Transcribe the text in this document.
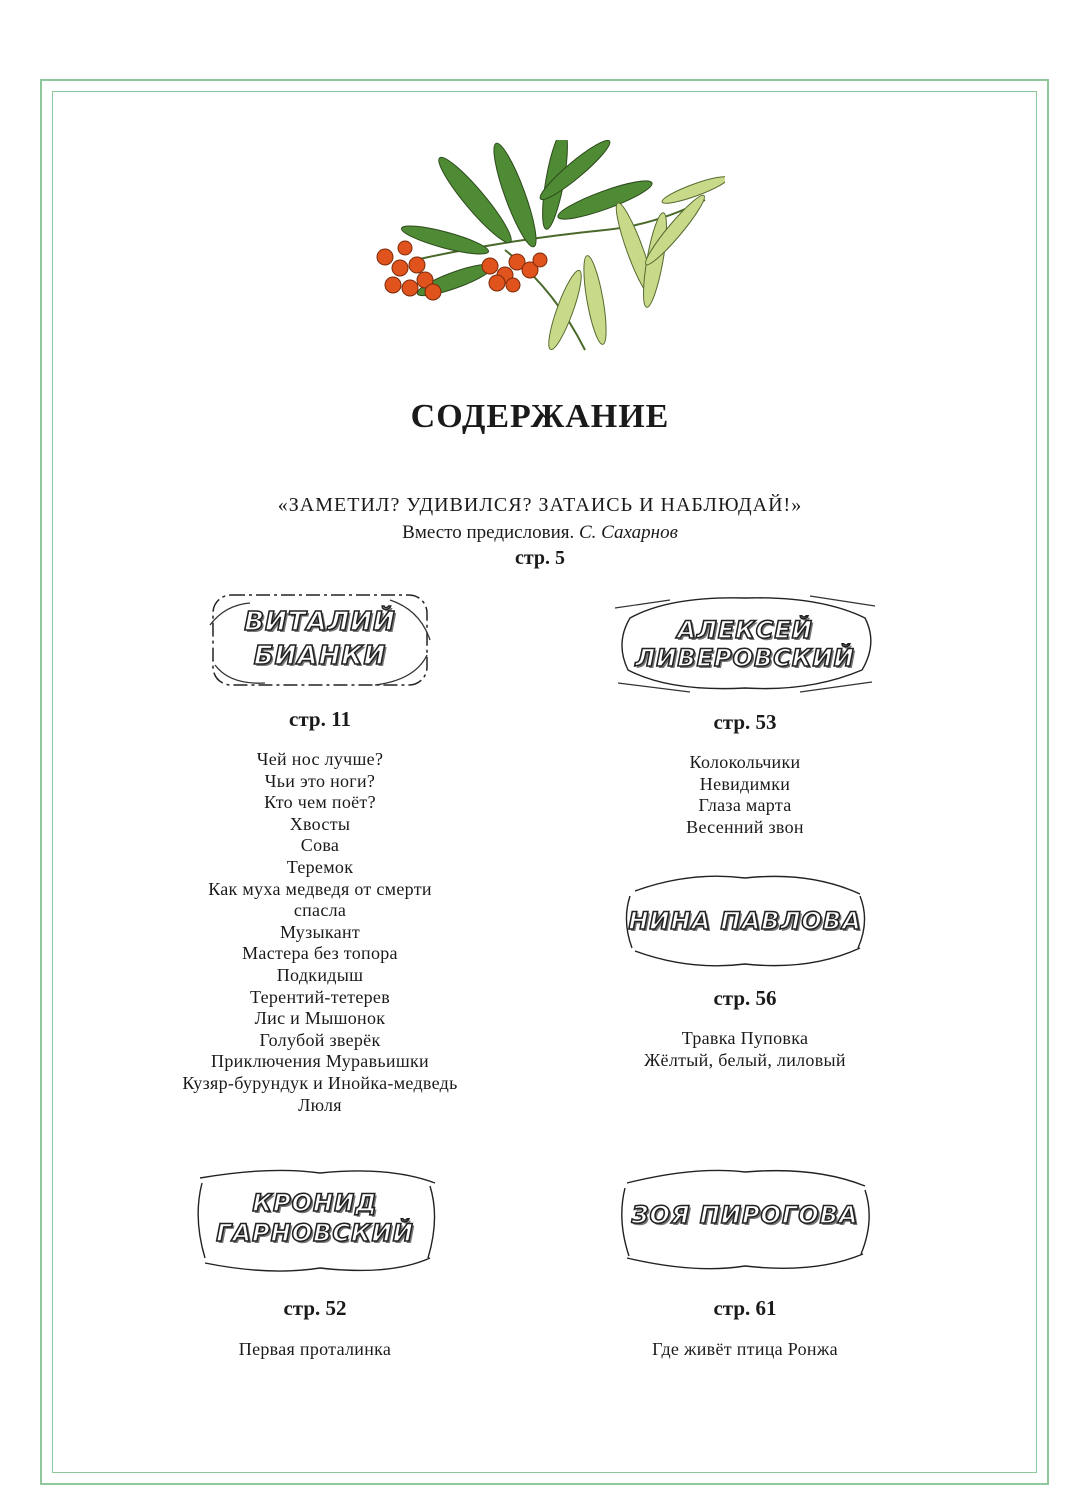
СОДЕРЖАНИЕ
«ЗАМЕТИЛ? УДИВИЛСЯ? ЗАТАИСЬ И НАБЛЮДАЙ!»
Вместо предисловия. С. Сахарнов
стр. 5
ВИТАЛИЙ
БИАНКИ
стр. 11
Чей нос лучше?
Чьи это ноги?
Кто чем поёт?
Хвосты
Сова
Теремок
Как муха медведя от смерти спасла
Музыкант
Мастера без топора
Подкидыш
Терентий-тетерев
Лис и Мышонок
Голубой зверёк
Приключения Муравьишки
Кузяр-бурундук и Инойка-медведь
Люля
АЛЕКСЕЙ
ЛИВЕРОВСКИЙ
стр. 53
Колокольчики
Невидимки
Глаза марта
Весенний звон
НИНА ПАВЛОВА
стр. 56
Травка Пуповка
Жёлтый, белый, лиловый
КРОНИД
ГАРНОВСКИЙ
стр. 52
Первая проталинка
ЗОЯ ПИРОГОВА
стр. 61
Где живёт птица Ронжа
